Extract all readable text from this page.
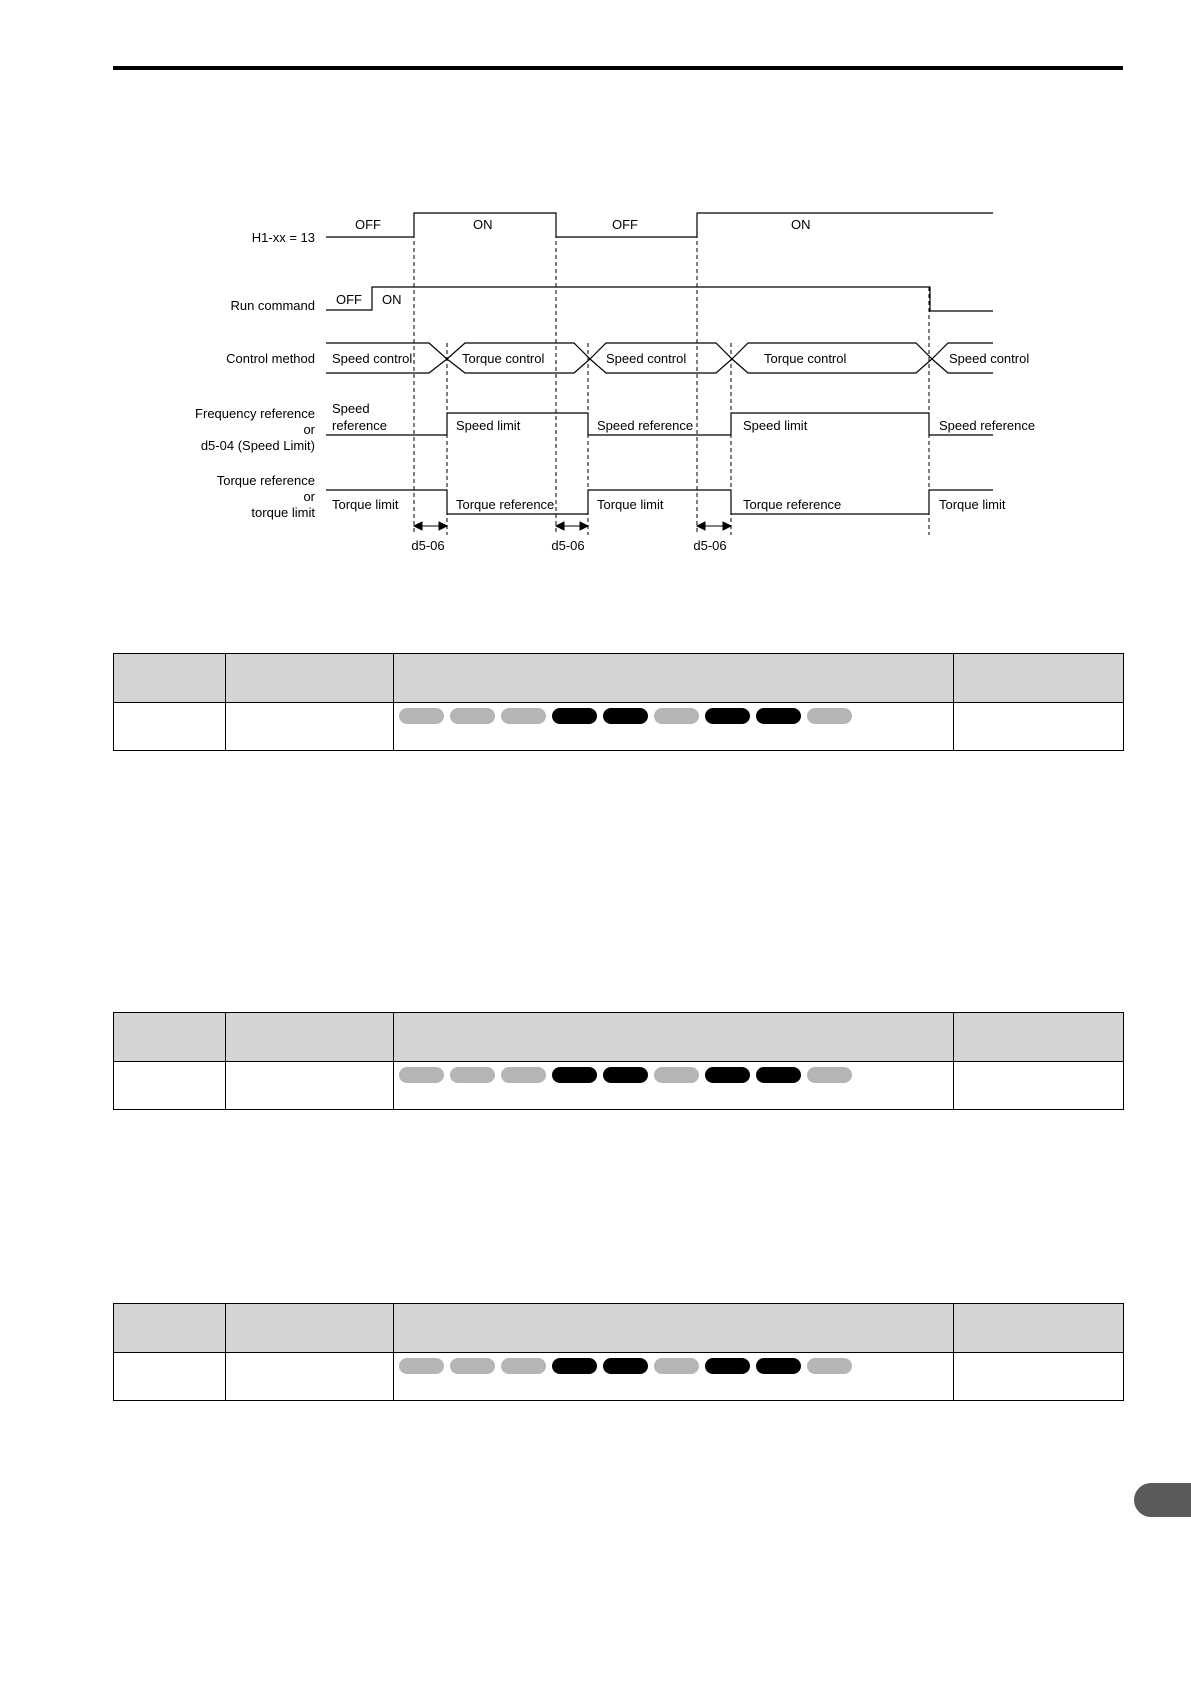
H1-xx = 13
Run command
Control method
Frequency reference
or
d5-04 (Speed Limit)
Torque reference
or
torque limit
OFF	ON	OFF	ON
OFF ON
Speed control	Torque control	Speed control	Torque control	Speed control
Speed
reference	Speed limit	Speed reference	Speed limit	Speed reference
Torque limit	Torque reference	Torque limit	Torque reference	Torque limit
d5-06	d5-06	d5-06
